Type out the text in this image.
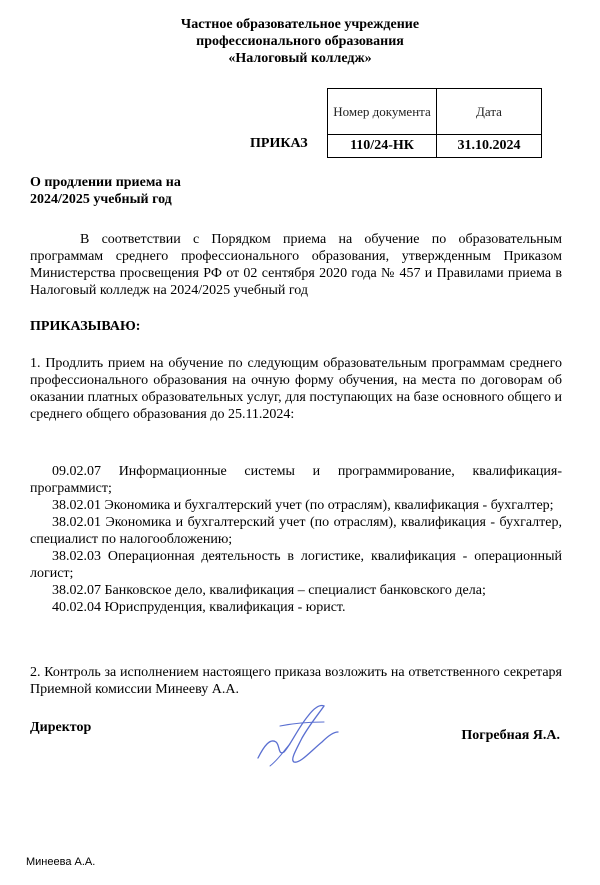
Частное образовательное учреждение
профессионального образования
«Налоговый колледж»
ПРИКАЗ
Номер документа	Дата
110/24-НК	31.10.2024
О продлении приема на
2024/2025 учебный год
В соответствии с Порядком приема на обучение по образовательным программам среднего профессионального образования, утвержденным Приказом Министерства просвещения РФ от 02 сентября 2020 года № 457 и Правилами приема в Налоговый колледж на 2024/2025 учебный год
ПРИКАЗЫВАЮ:
1. Продлить прием на обучение по следующим образовательным программам среднего профессионального образования на очную форму обучения, на места по договорам об оказании платных образовательных услуг, для поступающих на базе основного общего и среднего общего образования до 25.11.2024:
09.02.07 Информационные системы и программирование, квалификация-программист;
38.02.01 Экономика и бухгалтерский учет (по отраслям), квалификация - бухгалтер;
38.02.01 Экономика и бухгалтерский учет (по отраслям), квалификация - бухгалтер, специалист по налогообложению;
38.02.03 Операционная деятельность в логистике, квалификация - операционный логист;
38.02.07 Банковское дело, квалификация – специалист банковского дела;
40.02.04 Юриспруденция, квалификация - юрист.
2. Контроль за исполнением настоящего приказа возложить на ответственного секретаря Приемной комиссии Минееву А.А.
Директор
Погребная Я.А.
Минеева А.А.
